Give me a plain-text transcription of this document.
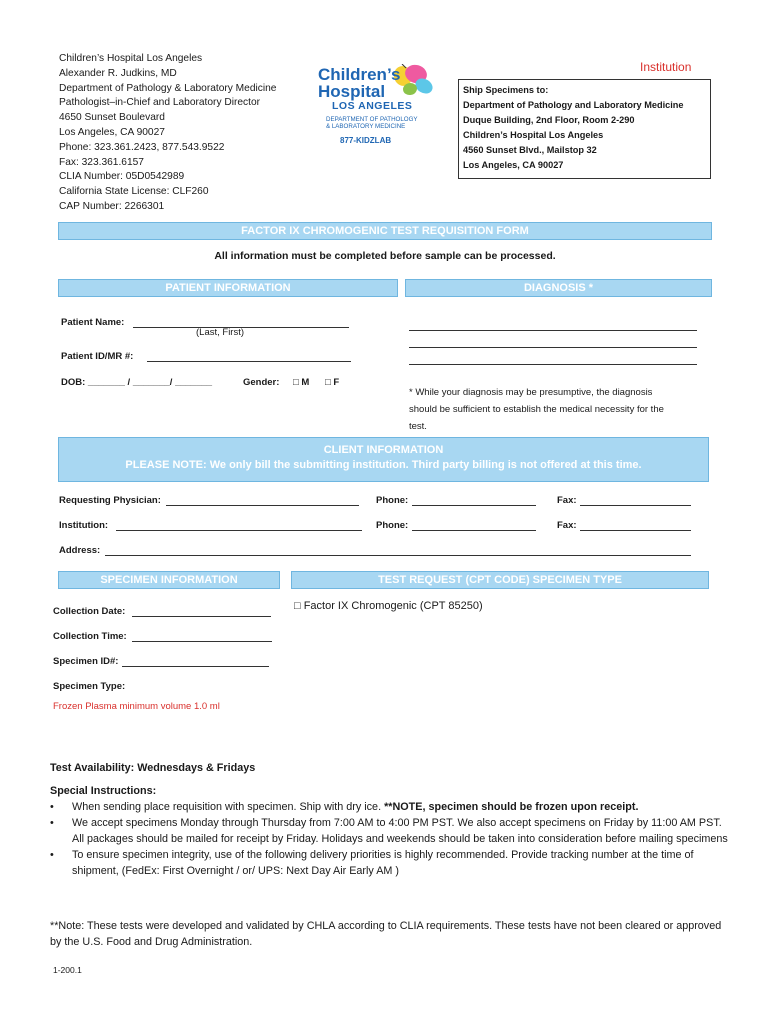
Children’s Hospital Los Angeles
Alexander R. Judkins, MD
Department of Pathology & Laboratory Medicine
Pathologist–in-Chief and Laboratory Director
4650 Sunset Boulevard
Los Angeles, CA 90027
Phone: 323.361.2423, 877.543.9522
Fax: 323.361.6157
CLIA Number: 05D0542989
California State License: CLF260
CAP Number: 2266301
Children’s
Hospital
LOS ANGELES
DEPARTMENT OF PATHOLOGY
& LABORATORY MEDICINE
877-KIDZLAB
Institution
Ship Specimens to:
Department of Pathology and Laboratory Medicine
Duque Building, 2nd Floor, Room 2-290
Children’s Hospital Los Angeles
4560 Sunset Blvd., Mailstop 32
Los Angeles, CA 90027
FACTOR IX CHROMOGENIC TEST REQUISITION FORM
All information must be completed before sample can be processed.
PATIENT INFORMATION	DIAGNOSIS *
Patient Name:
(Last, First)
Patient ID/MR #:
DOB: _______ / _______/ _______	Gender: □ M □ F
* While your diagnosis may be presumptive, the diagnosis
should be sufficient to establish the medical necessity for the
test.
CLIENT INFORMATION
PLEASE NOTE: We only bill the submitting institution. Third party billing is not offered at this time.
Requesting Physician:	Phone:	Fax:
Institution:	Phone:	Fax:
Address:
SPECIMEN INFORMATION	TEST REQUEST (CPT CODE) SPECIMEN TYPE
Collection Date:
Collection Time:
Specimen ID#:
Specimen Type:
Frozen Plasma minimum volume 1.0 ml
□ Factor IX Chromogenic (CPT 85250)
Test Availability: Wednesdays & Fridays
Special Instructions:
• When sending place requisition with specimen. Ship with dry ice. **NOTE, specimen should be frozen upon receipt.
• We accept specimens Monday through Thursday from 7:00 AM to 4:00 PM PST. We also accept specimens on Friday by 11:00 AM PST. All packages should be mailed for receipt by Friday. Holidays and weekends should be taken into consideration before mailing specimens
• To ensure specimen integrity, use of the following delivery priorities is highly recommended. Provide tracking number at the time of shipment, (FedEx: First Overnight / or/ UPS: Next Day Air Early AM )
**Note: These tests were developed and validated by CHLA according to CLIA requirements. These tests have not been cleared or approved by the U.S. Food and Drug Administration.
1-200.1
